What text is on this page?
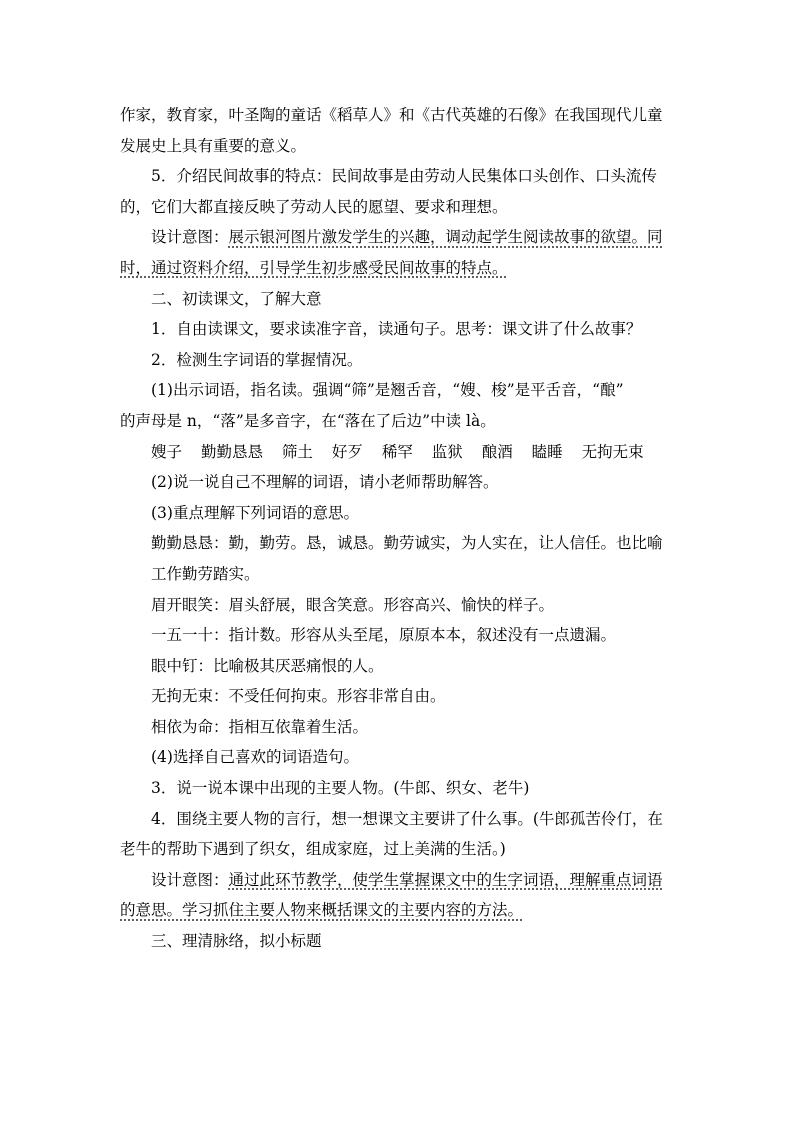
作家，教育家，叶圣陶的童话《稻草人》和《古代英雄的石像》在我国现代儿童
发展史上具有重要的意义。
5．介绍民间故事的特点：民间故事是由劳动人民集体口头创作、口头流传
的，它们大都直接反映了劳动人民的愿望、要求和理想。
设计意图：展示银河图片激发学生的兴趣，调动起学生阅读故事的欲望。同
时，通过资料介绍，引导学生初步感受民间故事的特点。
二、初读课文，了解大意
1．自由读课文，要求读准字音，读通句子。思考：课文讲了什么故事？
2．检测生字词语的掌握情况。
(1)出示词语，指名读。强调“筛”是翘舌音，“嫂、梭”是平舌音，“酿”
的声母是 n，“落”是多音字，在“落在了后边”中读 là。
嫂子 勤勤恳恳 筛土 好歹 稀罕 监狱 酿酒 瞌睡 无拘无束
(2)说一说自己不理解的词语，请小老师帮助解答。
(3)重点理解下列词语的意思。
勤勤恳恳：勤，勤劳。恳，诚恳。勤劳诚实，为人实在，让人信任。也比喻
工作勤劳踏实。
眉开眼笑：眉头舒展，眼含笑意。形容高兴、愉快的样子。
一五一十：指计数。形容从头至尾，原原本本，叙述没有一点遗漏。
眼中钉：比喻极其厌恶痛恨的人。
无拘无束：不受任何拘束。形容非常自由。
相依为命：指相互依靠着生活。
(4)选择自己喜欢的词语造句。
3．说一说本课中出现的主要人物。(牛郎、织女、老牛)
4．围绕主要人物的言行，想一想课文主要讲了什么事。(牛郎孤苦伶仃，在
老牛的帮助下遇到了织女，组成家庭，过上美满的生活。)
设计意图：通过此环节教学，使学生掌握课文中的生字词语，理解重点词语
的意思。学习抓住主要人物来概括课文的主要内容的方法。
三、理清脉络，拟小标题
